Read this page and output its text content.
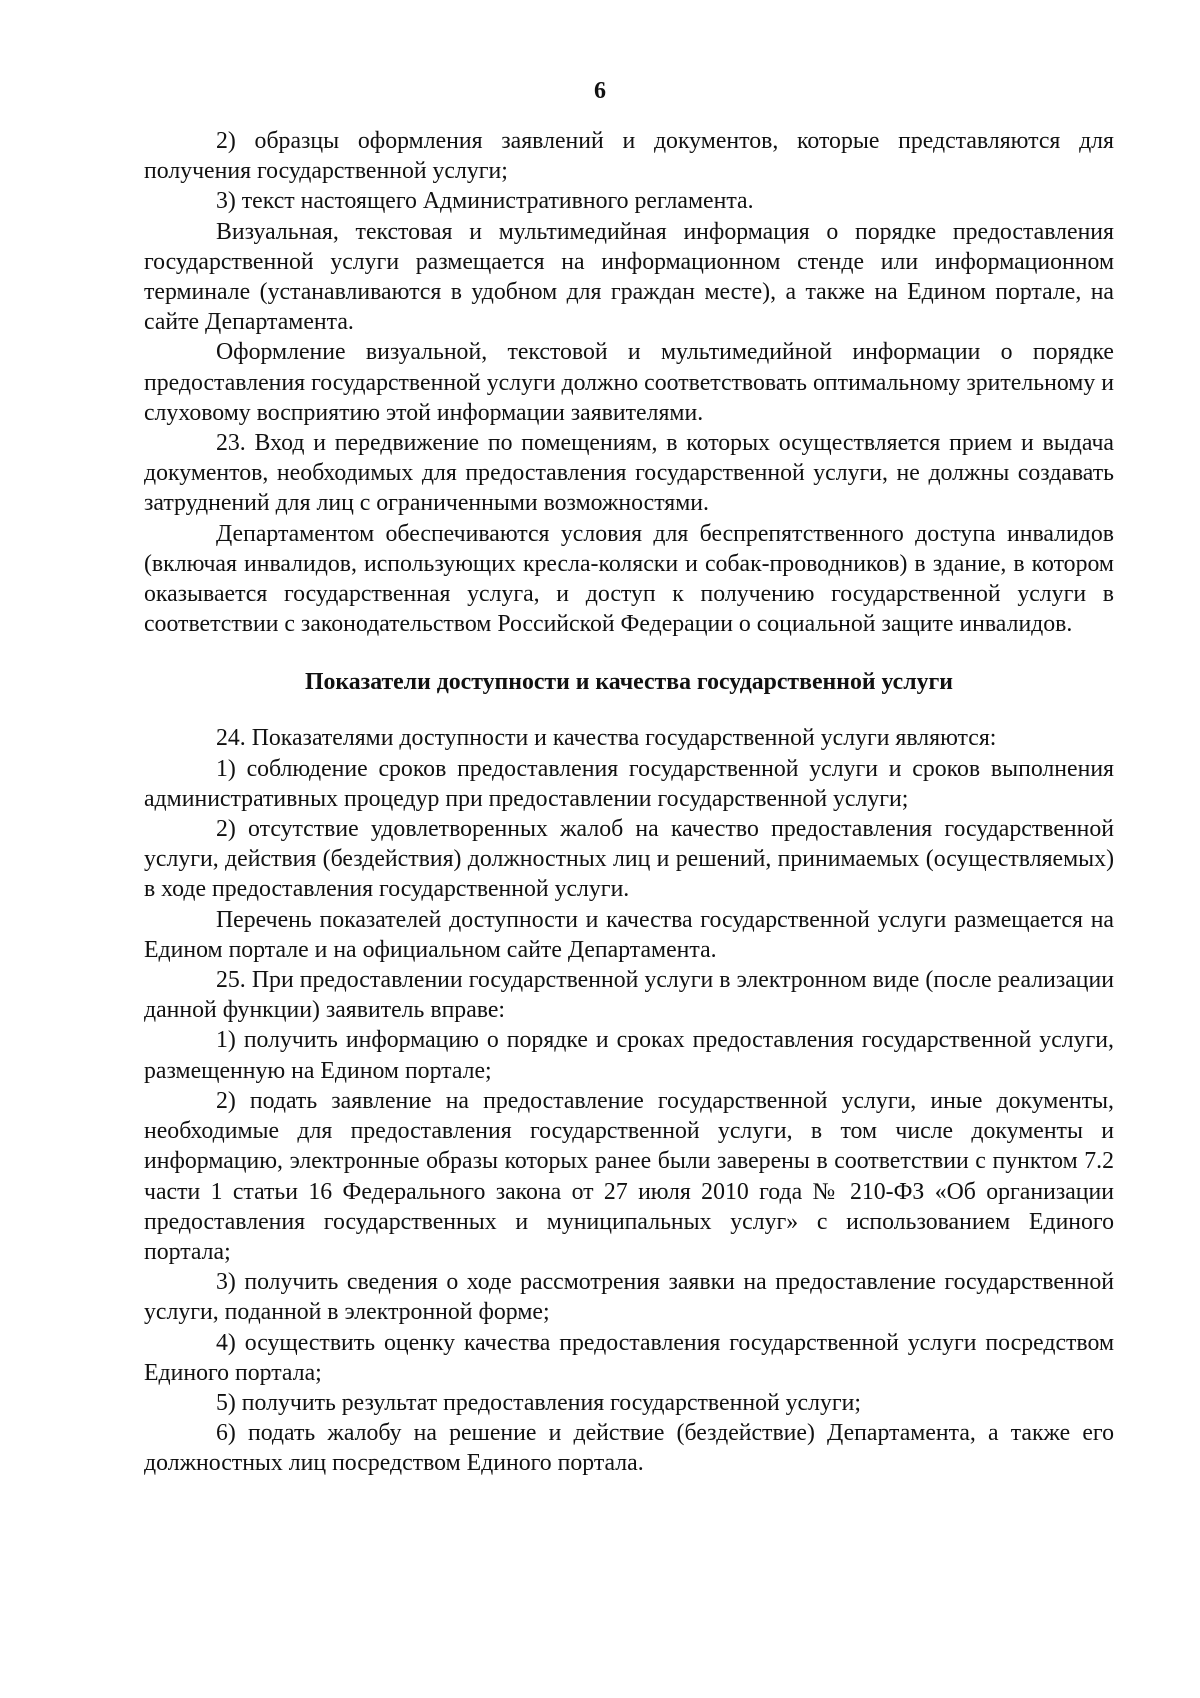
6

2) образцы оформления заявлений и документов, которые представляются для получения государственной услуги;

3) текст настоящего Административного регламента.

Визуальная, текстовая и мультимедийная информация о порядке предоставления государственной услуги размещается на информационном стенде или информационном терминале (устанавливаются в удобном для граждан месте), а также на Едином портале, на сайте Департамента.

Оформление визуальной, текстовой и мультимедийной информации о порядке предоставления государственной услуги должно соответствовать оптимальному зрительному и слуховому восприятию этой информации заявителями.

23. Вход и передвижение по помещениям, в которых осуществляется прием и выдача документов, необходимых для предоставления государственной услуги, не должны создавать затруднений для лиц с ограниченными возможностями.

Департаментом обеспечиваются условия для беспрепятственного доступа инвалидов (включая инвалидов, использующих кресла-коляски и собак-проводников) в здание, в котором оказывается государственная услуга, и доступ к получению государственной услуги в соответствии с законодательством Российской Федерации о социальной защите инвалидов.

Показатели доступности и качества государственной услуги

24. Показателями доступности и качества государственной услуги являются:

1) соблюдение сроков предоставления государственной услуги и сроков выполнения административных процедур при предоставлении государственной услуги;

2) отсутствие удовлетворенных жалоб на качество предоставления государственной услуги, действия (бездействия) должностных лиц и решений, принимаемых (осуществляемых) в ходе предоставления государственной услуги.

Перечень показателей доступности и качества государственной услуги размещается на Едином портале и на официальном сайте Департамента.

25. При предоставлении государственной услуги в электронном виде (после реализации данной функции) заявитель вправе:

1) получить информацию о порядке и сроках предоставления государственной услуги, размещенную на Едином портале;

2) подать заявление на предоставление государственной услуги, иные документы, необходимые для предоставления государственной услуги, в том числе документы и информацию, электронные образы которых ранее были заверены в соответствии с пунктом 7.2 части 1 статьи 16 Федерального закона от 27 июля 2010 года № 210-ФЗ «Об организации предоставления государственных и муниципальных услуг» с использованием Единого портала;

3) получить сведения о ходе рассмотрения заявки на предоставление государственной услуги, поданной в электронной форме;

4) осуществить оценку качества предоставления государственной услуги посредством Единого портала;

5) получить результат предоставления государственной услуги;

6) подать жалобу на решение и действие (бездействие) Департамента, а также его должностных лиц посредством Единого портала.
